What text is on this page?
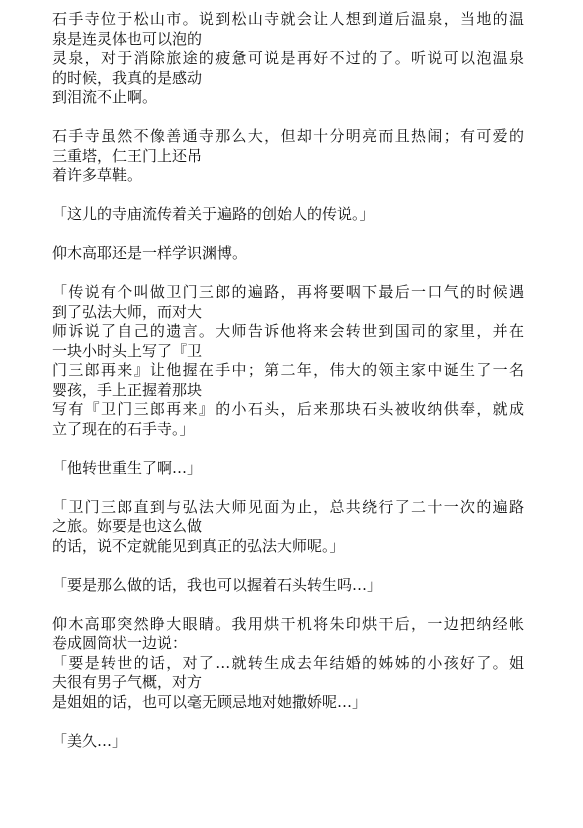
石手寺位于松山市。说到松山寺就会让人想到道后温泉，当地的温
泉是连灵体也可以泡的
灵泉，对于消除旅途的疲惫可说是再好不过的了。听说可以泡温泉
的时候，我真的是感动
到泪流不止啊。
石手寺虽然不像善通寺那么大，但却十分明亮而且热闹；有可爱的
三重塔，仁王门上还吊
着许多草鞋。
「这儿的寺庙流传着关于遍路的创始人的传说。」
仰木高耶还是一样学识渊博。
「传说有个叫做卫门三郎的遍路，再将要咽下最后一口气的时候遇
到了弘法大师，而对大
师诉说了自己的遗言。大师告诉他将来会转世到国司的家里，并在
一块小时头上写了『卫
门三郎再来』让他握在手中；第二年，伟大的领主家中诞生了一名
婴孩，手上正握着那块
写有『卫门三郎再来』的小石头，后来那块石头被收纳供奉，就成
立了现在的石手寺。」
「他转世重生了啊…」
「卫门三郎直到与弘法大师见面为止，总共绕行了二十一次的遍路
之旅。妳要是也这么做
的话，说不定就能见到真正的弘法大师呢。」
「要是那么做的话，我也可以握着石头转生吗…」
仰木高耶突然睁大眼睛。我用烘干机将朱印烘干后，一边把纳经帐
卷成圆筒状一边说：
「要是转世的话，对了…就转生成去年结婚的姊姊的小孩好了。姐
夫很有男子气概，对方
是姐姐的话，也可以毫无顾忌地对她撒娇呢…」
「美久…」
